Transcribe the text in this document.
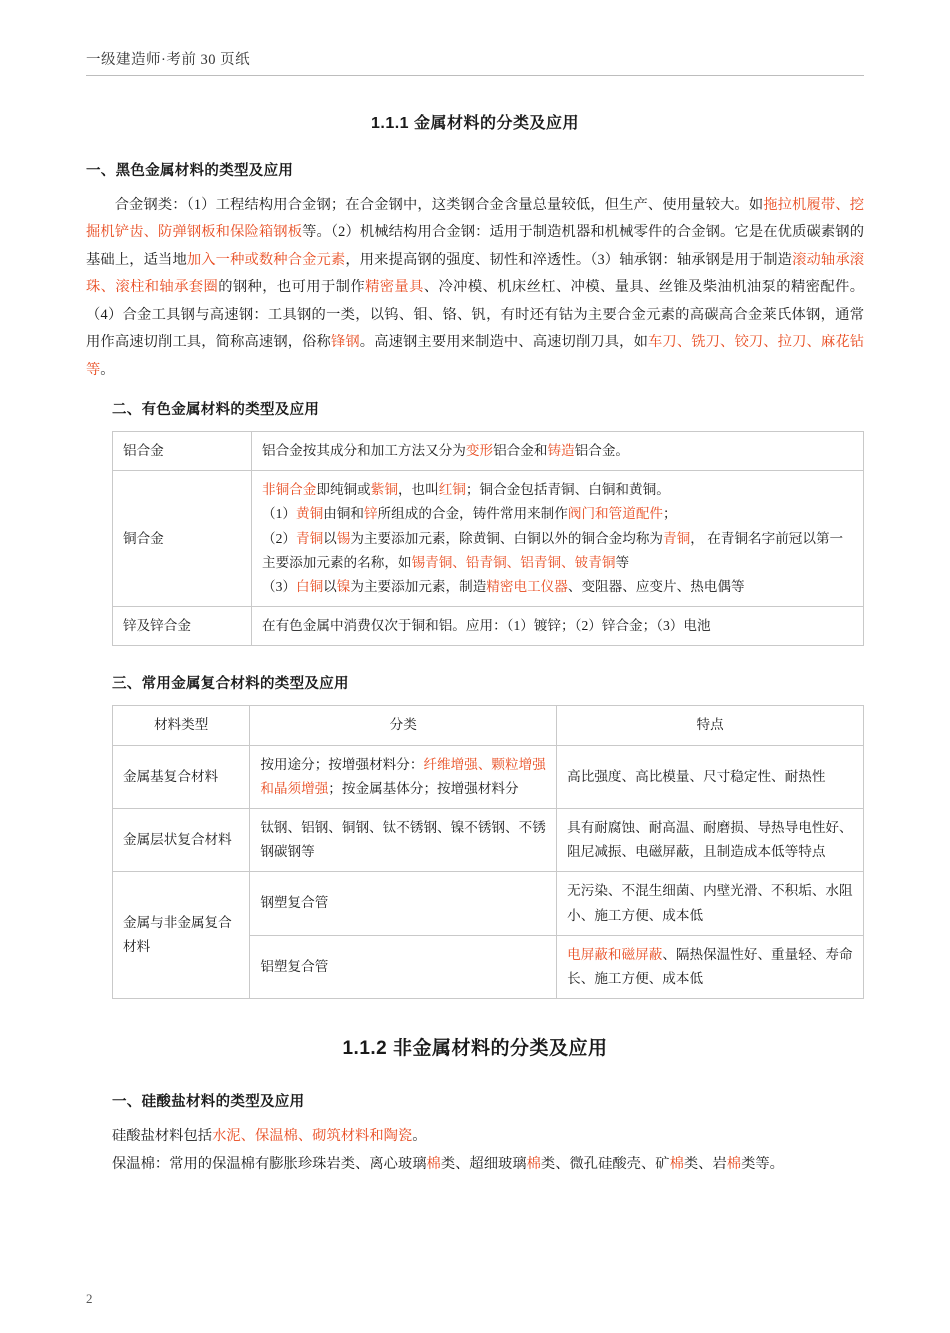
一级建造师·考前 30 页纸
1.1.1 金属材料的分类及应用
一、黑色金属材料的类型及应用

合金钢类：（1）工程结构用合金钢；在合金钢中，这类钢合金含量总量较低，但生产、使用量较大。如拖拉机履带、挖掘机铲齿、防弹钢板和保险箱钢板等。（2）机械结构用合金钢：适用于制造机器和机械零件的合金钢。它是在优质碳素钢的基础上，适当地加入一种或数种合金元素，用来提高钢的强度、韧性和淬透性。（3）轴承钢：轴承钢是用于制造滚动轴承滚珠、滚柱和轴承套圈的钢种，也可用于制作精密量具、冷冲模、机床丝杠、冲模、量具、丝锥及柴油机油泵的精密配件。（4）合金工具钢与高速钢：工具钢的一类，以钨、钼、铬、钒，有时还有钴为主要合金元素的高碳高合金莱氏体钢，通常用作高速切削工具，简称高速钢，俗称锋钢。高速钢主要用来制造中、高速切削刀具，如车刀、铣刀、铰刀、拉刀、麻花钻等。

二、有色金属材料的类型及应用
铝合金	铝合金按其成分和加工方法又分为变形铝合金和铸造铝合金。
铜合金	非铜合金即纯铜或紫铜，也叫红铜；铜合金包括青铜、白铜和黄铜。
（1）黄铜由铜和锌所组成的合金，铸件常用来制作阀门和管道配件；
（2）青铜以锡为主要添加元素，除黄铜、白铜以外的铜合金均称为青铜， 在青铜名字前冠以第一主要添加元素的名称，如锡青铜、铅青铜、铝青铜、铍青铜等
（3）白铜以镍为主要添加元素，制造精密电工仪器、变阻器、应变片、热电偶等

锌及锌合金	在有色金属中消费仅次于铜和铝。应用：（1）镀锌；（2）锌合金；（3）电池
三、常用金属复合材料的类型及应用
材料类型	分类	特点
金属基复合材料	按用途分；按增强材料分：纤维增强、颗粒增强和晶须增强；按金属基体分；按增强材料分	高比强度、高比模量、尺寸稳定性、耐热性
金属层状复合材料	钛钢、铝钢、铜钢、钛不锈钢、镍不锈钢、不锈钢碳钢等	具有耐腐蚀、耐高温、耐磨损、导热导电性好、阻尼减振、电磁屏蔽，且制造成本低等特点
金属与非金属复合材料	钢塑复合管	无污染、不混生细菌、内壁光滑、不积垢、水阻小、施工方便、成本低
	铝塑复合管	电屏蔽和磁屏蔽、隔热保温性好、重量轻、寿命长、施工方便、成本低
1.1.2 非金属材料的分类及应用
一、硅酸盐材料的类型及应用

硅酸盐材料包括水泥、保温棉、砌筑材料和陶瓷。

保温棉：常用的保温棉有膨胀珍珠岩类、离心玻璃棉类、超细玻璃棉类、微孔硅酸壳、矿棉类、岩棉类等。

2
